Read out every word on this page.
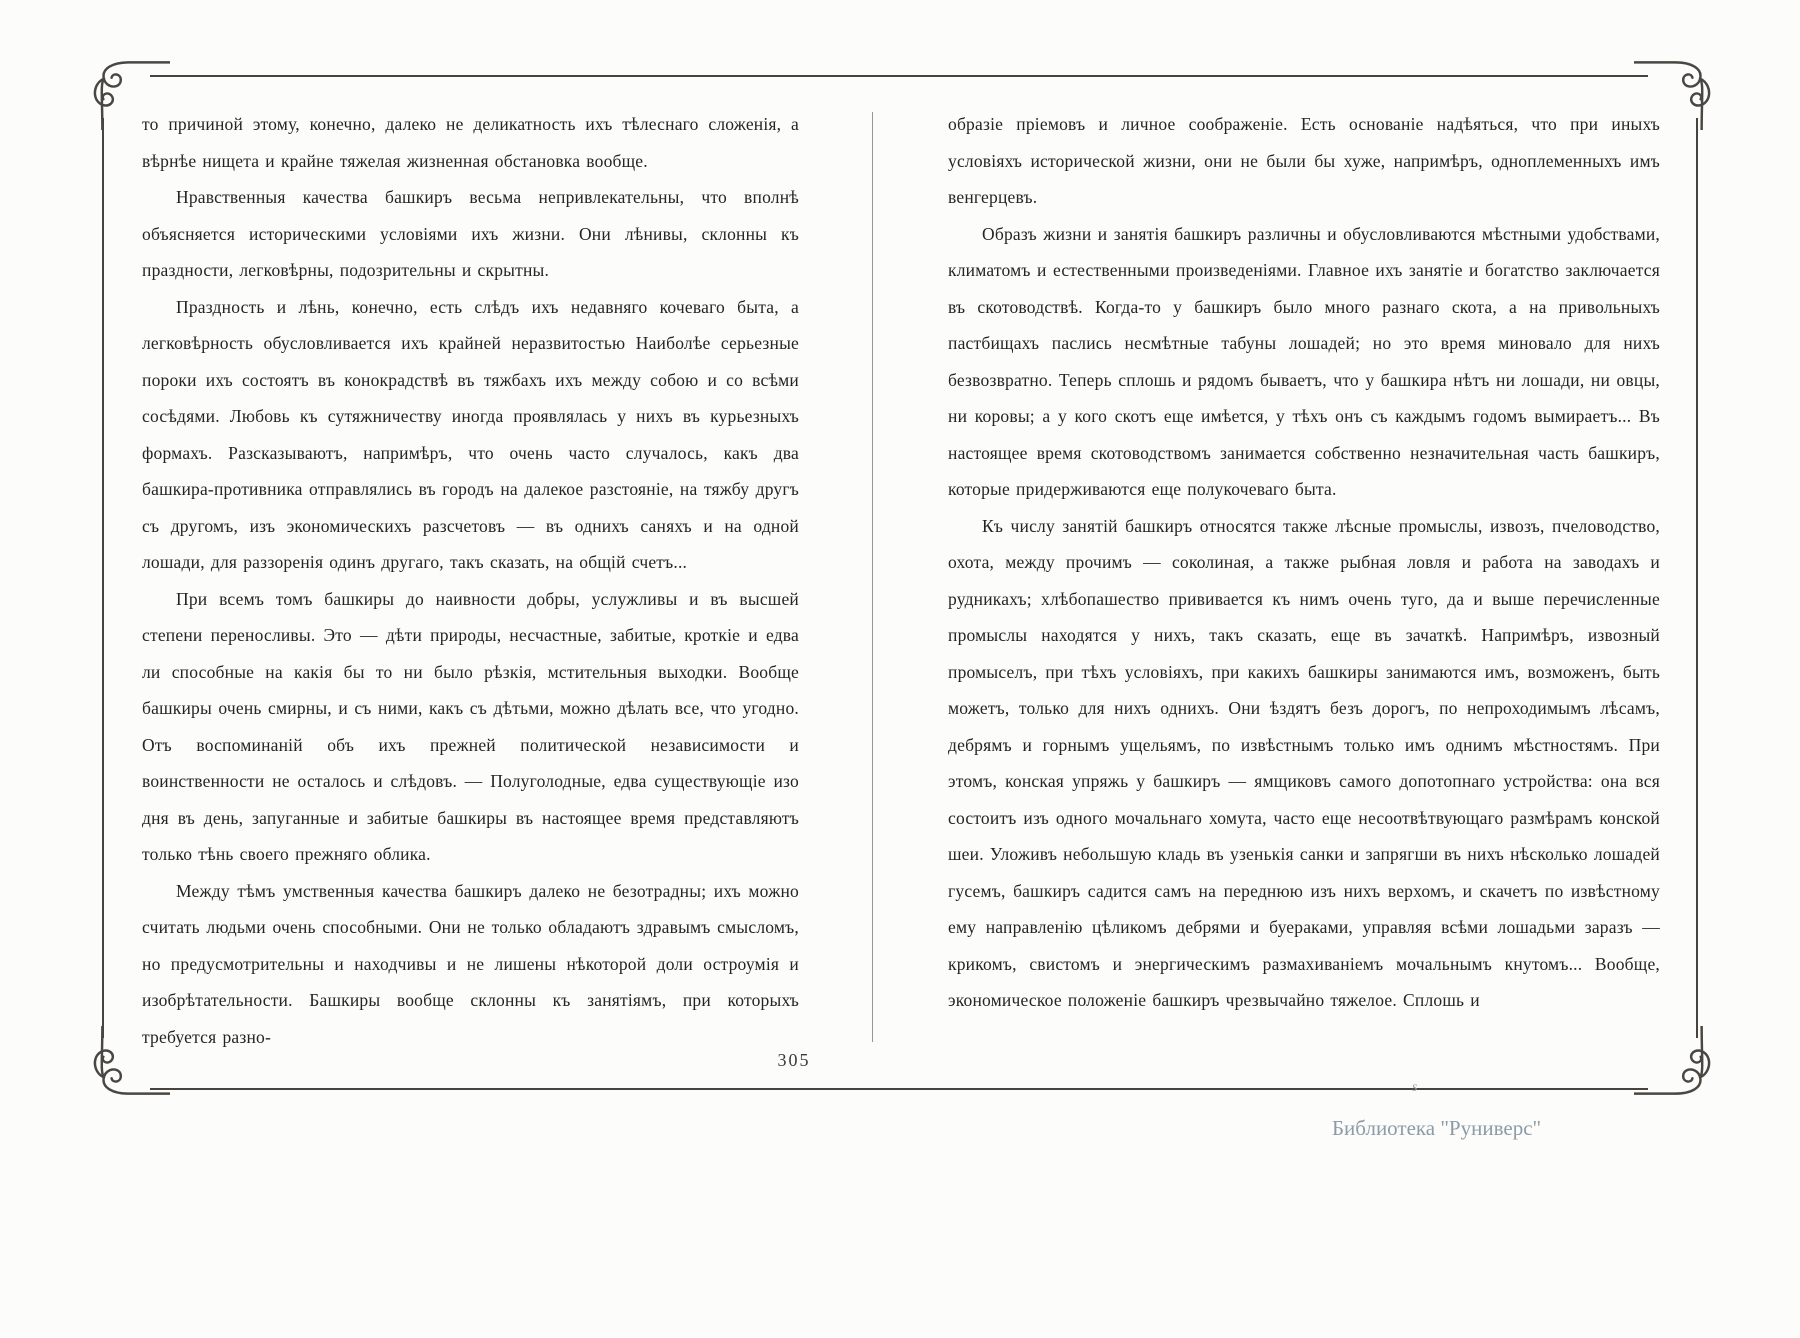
то причиной этому, конечно, далеко не деликатность ихъ тѣлеснаго сложенія, а вѣрнѣе нищета и крайне тяжелая жизненная обстановка вообще.

Нравственныя качества башкиръ весьма непривлекательны, что вполнѣ объясняется историческими условіями ихъ жизни. Они лѣнивы, склонны къ праздности, легковѣрны, подозрительны и скрытны.

Праздность и лѣнь, конечно, есть слѣдъ ихъ недавняго кочеваго быта, а легковѣрность обусловливается ихъ крайней неразвитостью Наиболѣе серьезные пороки ихъ состоятъ въ конокрадствѣ въ тяжбахъ ихъ между собою и со всѣми сосѣдями. Любовь къ сутяжничеству иногда проявлялась у нихъ въ курьезныхъ формахъ. Разсказываютъ, напримѣръ, что очень часто случалось, какъ два башкира-противника отправлялись въ городъ на далекое разстояніе, на тяжбу другъ съ другомъ, изъ экономическихъ разсчетовъ — въ однихъ саняхъ и на одной лошади, для раззоренія одинъ другаго, такъ сказать, на общій счетъ...

При всемъ томъ башкиры до наивности добры, услужливы и въ высшей степени переносливы. Это — дѣти природы, несчастные, забитые, кроткіе и едва ли способные на какія бы то ни было рѣзкія, мстительныя выходки. Вообще башкиры очень смирны, и съ ними, какъ съ дѣтьми, можно дѣлать все, что угодно. Отъ воспоминаній объ ихъ прежней политической независимости и воинственности не осталось и слѣдовъ. — Полуголодные, едва существующіе изо дня въ день, запуганные и забитые башкиры въ настоящее время представляютъ только тѣнь своего прежняго облика.

Между тѣмъ умственныя качества башкиръ далеко не безотрадны; ихъ можно считать людьми очень способными. Они не только обладаютъ здравымъ смысломъ, но предусмотрительны и находчивы и не лишены нѣкоторой доли остроумія и изобрѣтательности. Башкиры вообще склонны къ занятіямъ, при которыхъ требуется разно-

образіе пріемовъ и личное соображеніе. Есть основаніе надѣяться, что при иныхъ условіяхъ исторической жизни, они не были бы хуже, напримѣръ, одноплеменныхъ имъ венгерцевъ.

Образъ жизни и занятія башкиръ различны и обусловливаются мѣстными удобствами, климатомъ и естественными произведеніями. Главное ихъ занятіе и богатство заключается въ скотоводствѣ. Когда-то у башкиръ было много разнаго скота, а на привольныхъ пастбищахъ паслись несмѣтные табуны лошадей; но это время миновало для нихъ безвозвратно. Теперь сплошь и рядомъ бываетъ, что у башкира нѣтъ ни лошади, ни овцы, ни коровы; а у кого скотъ еще имѣется, у тѣхъ онъ съ каждымъ годомъ вымираетъ... Въ настоящее время скотоводствомъ занимается собственно незначительная часть башкиръ, которые придерживаются еще полукочеваго быта.

Къ числу занятій башкиръ относятся также лѣсные промыслы, извозъ, пчеловодство, охота, между прочимъ — соколиная, а также рыбная ловля и работа на заводахъ и рудникахъ; хлѣбопашество прививается къ нимъ очень туго, да и выше перечисленные промыслы находятся у нихъ, такъ сказать, еще въ зачаткѣ. Напримѣръ, извозный промыселъ, при тѣхъ условіяхъ, при какихъ башкиры занимаются имъ, возможенъ, быть можетъ, только для нихъ однихъ. Они ѣздятъ безъ дорогъ, по непроходимымъ лѣсамъ, дебрямъ и горнымъ ущельямъ, по извѣстнымъ только имъ однимъ мѣстностямъ. При этомъ, конская упряжь у башкиръ — ямщиковъ самого допотопнаго устройства: она вся состоитъ изъ одного мочальнаго хомута, часто еще несоотвѣтвующаго размѣрамъ конской шеи. Уложивъ небольшую кладь въ узенькія санки и запрягши въ нихъ нѣсколько лошадей гусемъ, башкиръ садится самъ на переднюю изъ нихъ верхомъ, и скачетъ по извѣстному ему направленію цѣликомъ дебрями и буераками, управляя всѣми лошадьми заразъ — крикомъ, свистомъ и энергическимъ размахиваніемъ мочальнымъ кнутомъ... Вообще, экономическое положеніе башкиръ чрезвычайно тяжелое. Сплошь и

305
s
Библиотека "Руниверс"
